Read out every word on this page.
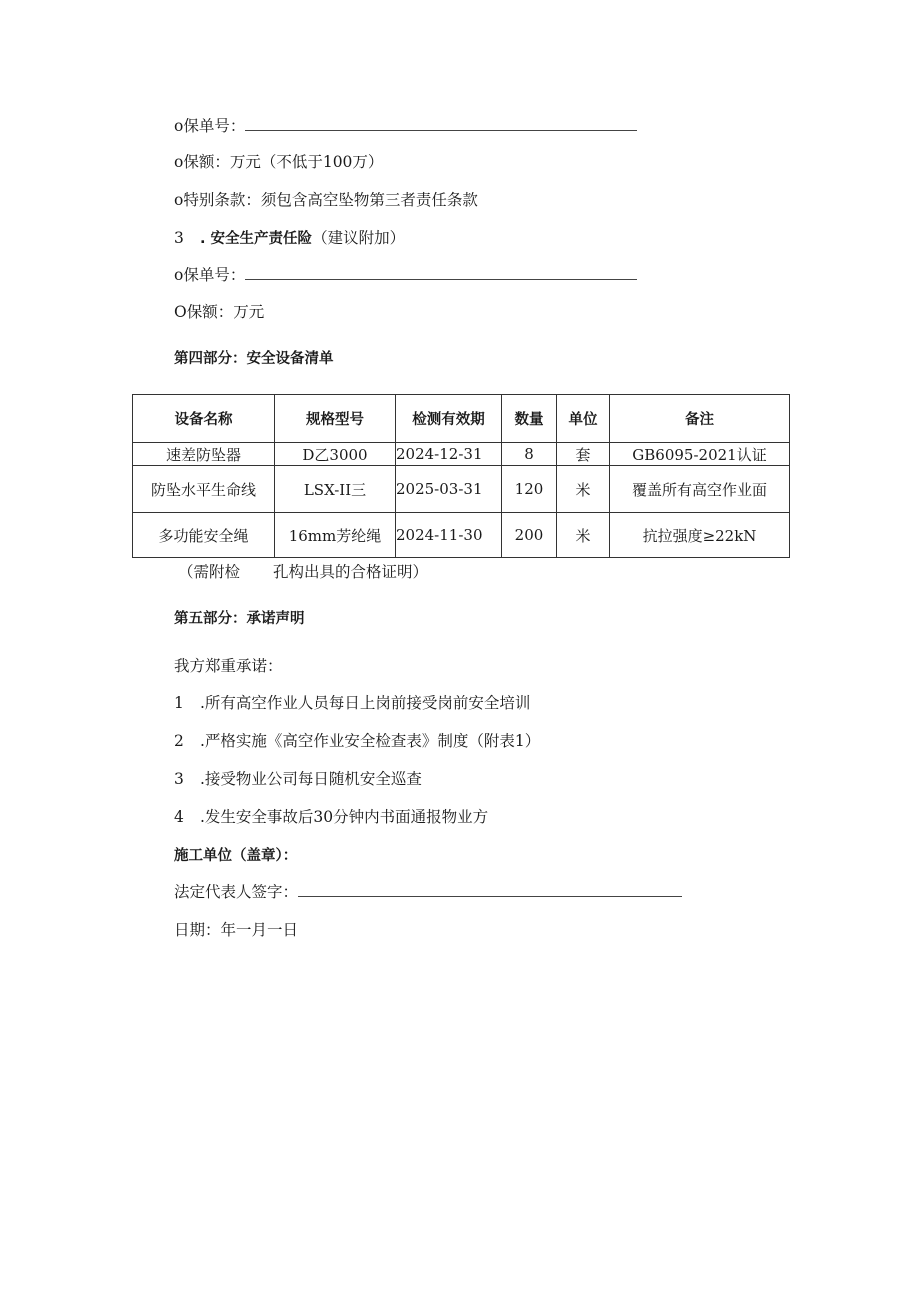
o保单号：
o保额：万元（不低于100万）
o特别条款：须包含高空坠物第三者责任条款
3 . 安全生产责任险（建议附加）
o保单号：
O保额：万元
第四部分：安全设备清单
设备名称	规格型号	检测有效期	数量	单位	备注
速差防坠器	D乙3000	2024-12-31	8	套	GB6095-2021认证
防坠水平生命线	LSX-II三	2025-03-31	120	米	覆盖所有高空作业面
多功能安全绳	16mm芳纶绳	2024-11-30	200	米	抗拉强度≥22kN
（需附检 孔构出具的合格证明）
第五部分：承诺声明
我方郑重承诺：
1 .所有高空作业人员每日上岗前接受岗前安全培训
2 .严格实施《高空作业安全检查表》制度（附表1）
3 .接受物业公司每日随机安全巡查
4 .发生安全事故后30分钟内书面通报物业方
施工单位（盖章）：
法定代表人签字：
日期：年一月一日
